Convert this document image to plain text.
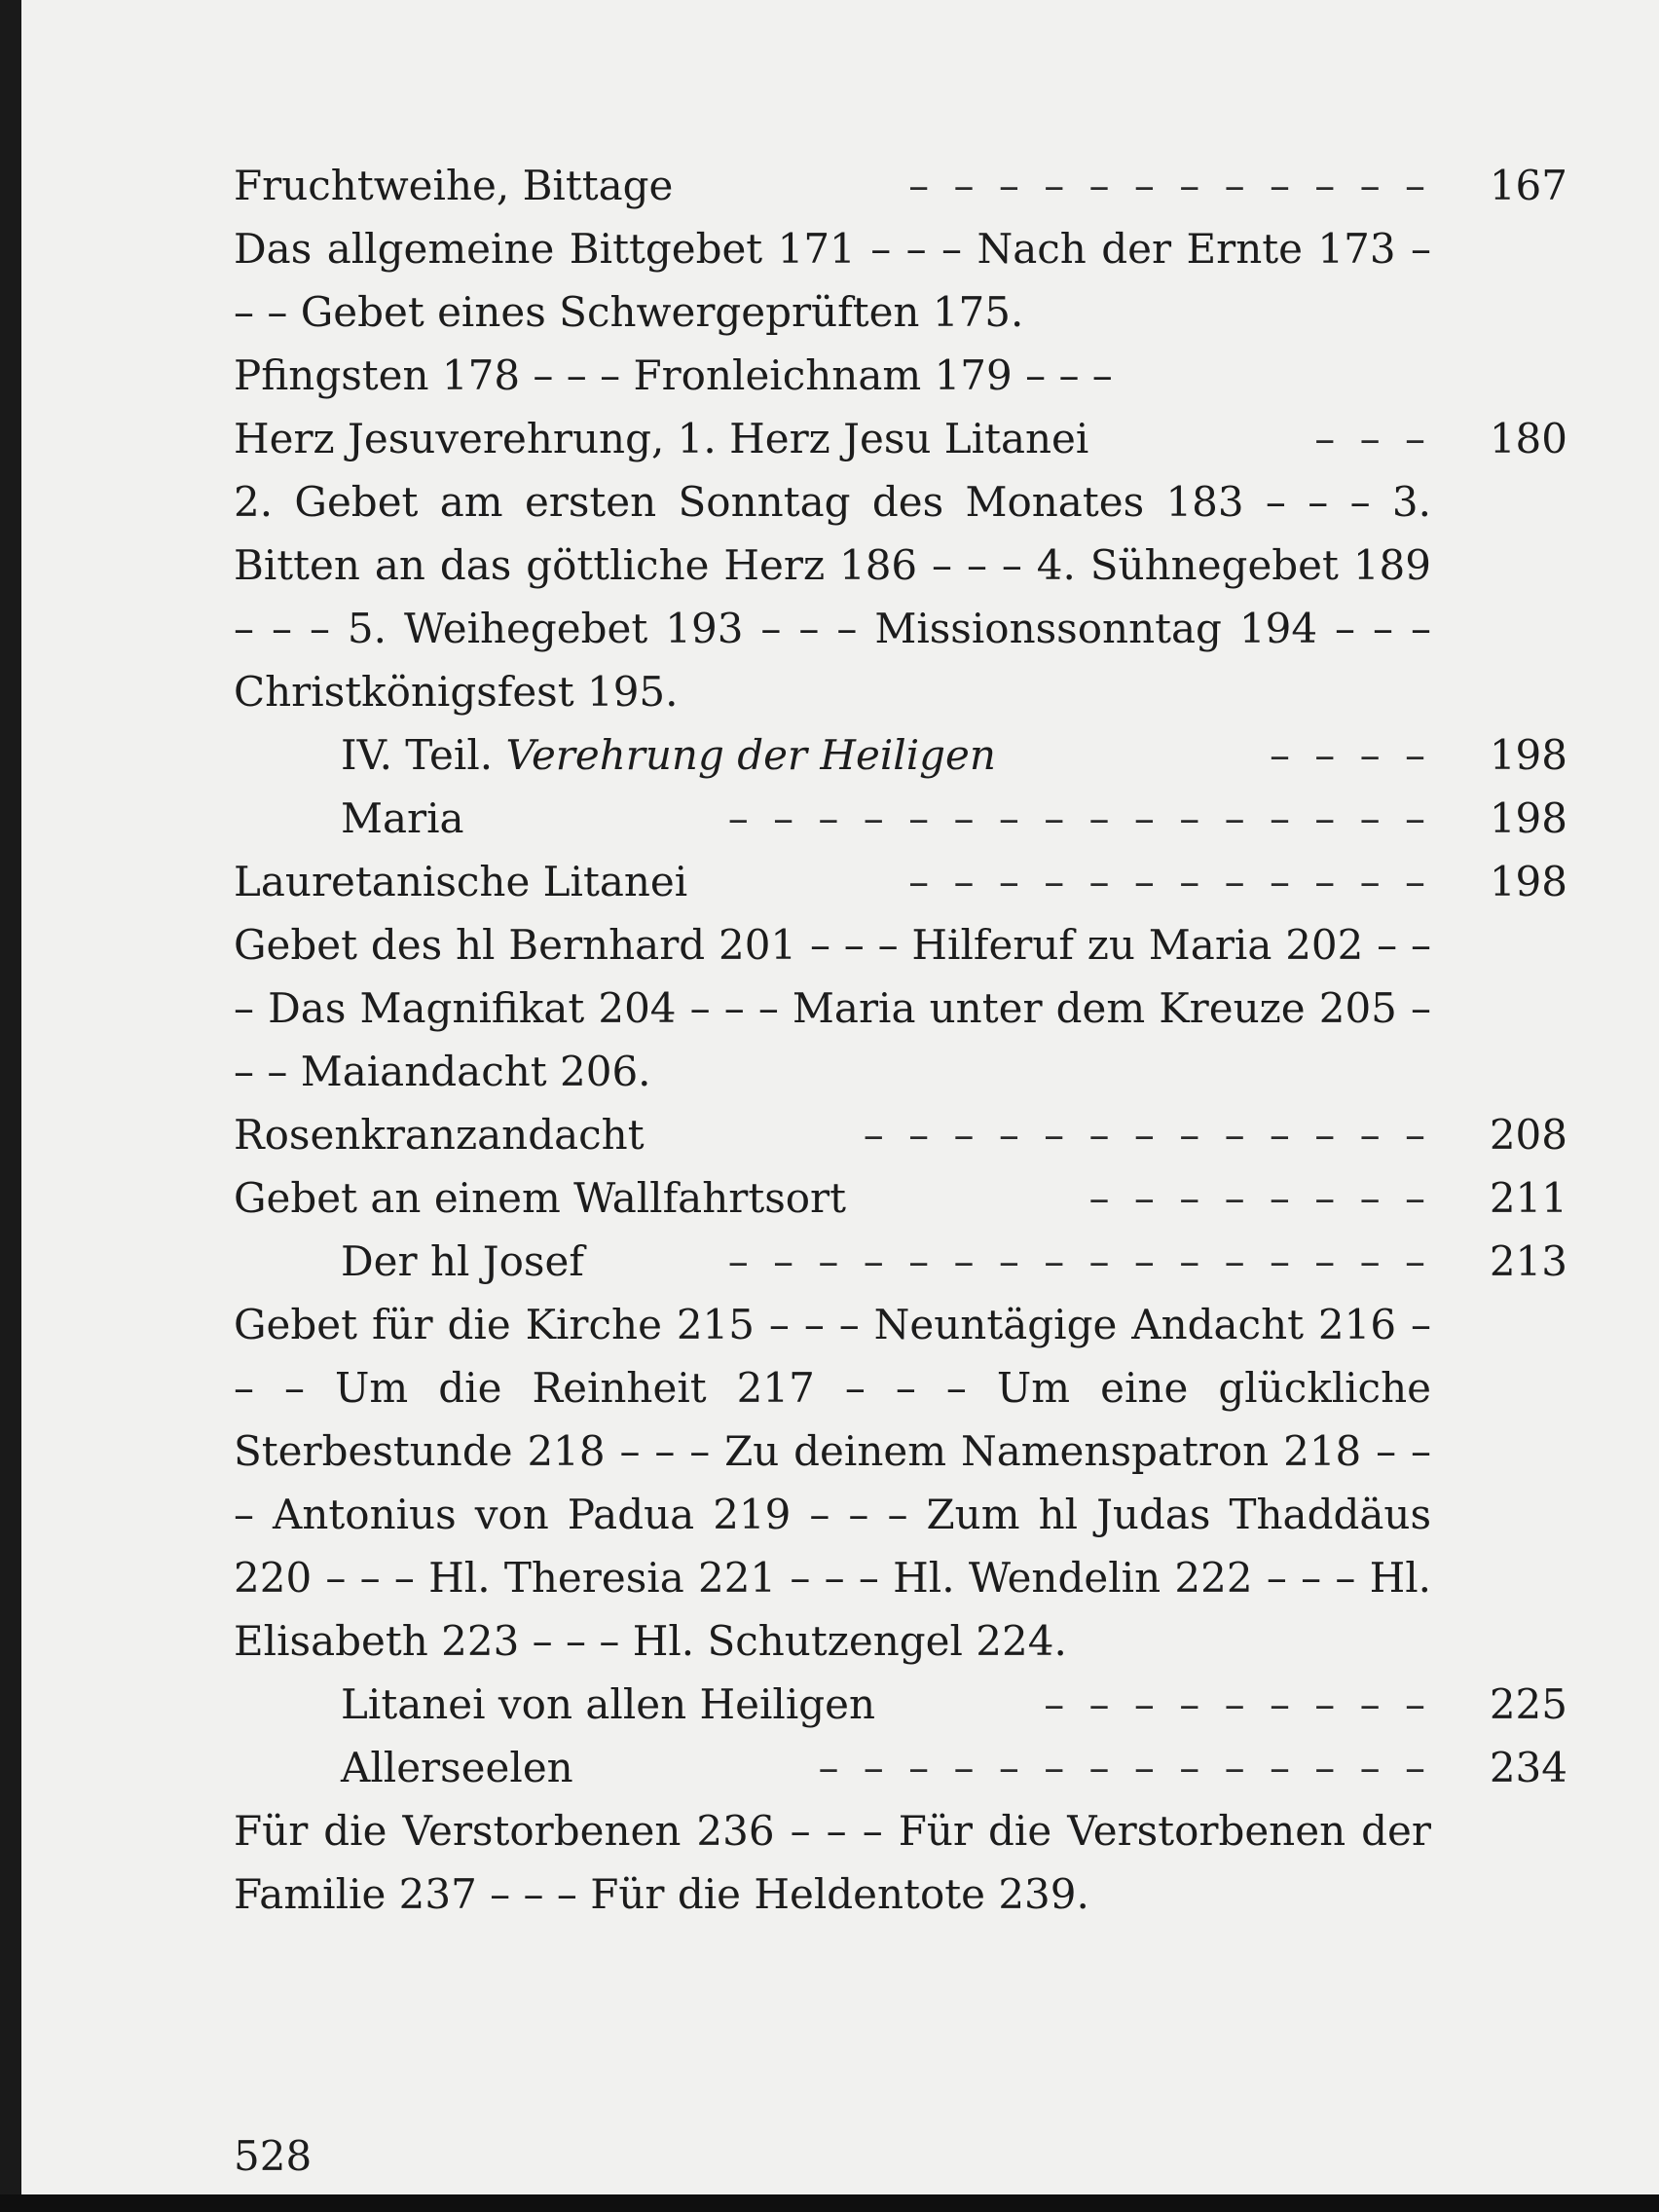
Fruchtweihe, Bittage	– – – – – – – – – – – – 167
Das allgemeine Bittgebet 171 – – – Nach der Ernte 173 – – – Gebet eines Schwergeprüften 175.
Pfingsten 178 – – – Fronleichnam 179 – – –
Herz Jesuverehrung, 1. Herz Jesu Litanei	– – – 180
2. Gebet am ersten Sonntag des Monates 183 – – – 3. Bitten an das göttliche Herz 186 – – – 4. Sühnegebet 189 – – – 5. Weihegebet 193 – – – Missionssonntag 194 – – – Christkönigsfest 195.
IV. Teil. Verehrung der Heiligen	– – – – 198
Maria	– – – – – – – – – – – – – – – – 198
Lauretanische Litanei	– – – – – – – – – – – – 198
Gebet des hl Bernhard 201 – – – Hilferuf zu Maria 202 – – – Das Magnifikat 204 – – – Maria unter dem Kreuze 205 – – – Maiandacht 206.
Rosenkranzandacht	– – – – – – – – – – – – – 208
Gebet an einem Wallfahrtsort	– – – – – – – – 211
Der hl Josef	– – – – – – – – – – – – – – – – 213
Gebet für die Kirche 215 – – – Neuntägige Andacht 216 – – – Um die Reinheit 217 – – – Um eine glückliche Sterbestunde 218 – – – Zu deinem Namenspatron 218 – – – Antonius von Padua 219 – – – Zum hl Judas Thaddäus 220 – – – Hl. Theresia 221 – – – Hl. Wendelin 222 – – – Hl. Elisabeth 223 – – – Hl. Schutzengel 224.
Litanei von allen Heiligen	– – – – – – – – – 225
Allerseelen	– – – – – – – – – – – – – – 234
Für die Verstorbenen 236 – – – Für die Verstorbenen der Familie 237 – – – Für die Heldentote 239.
528
